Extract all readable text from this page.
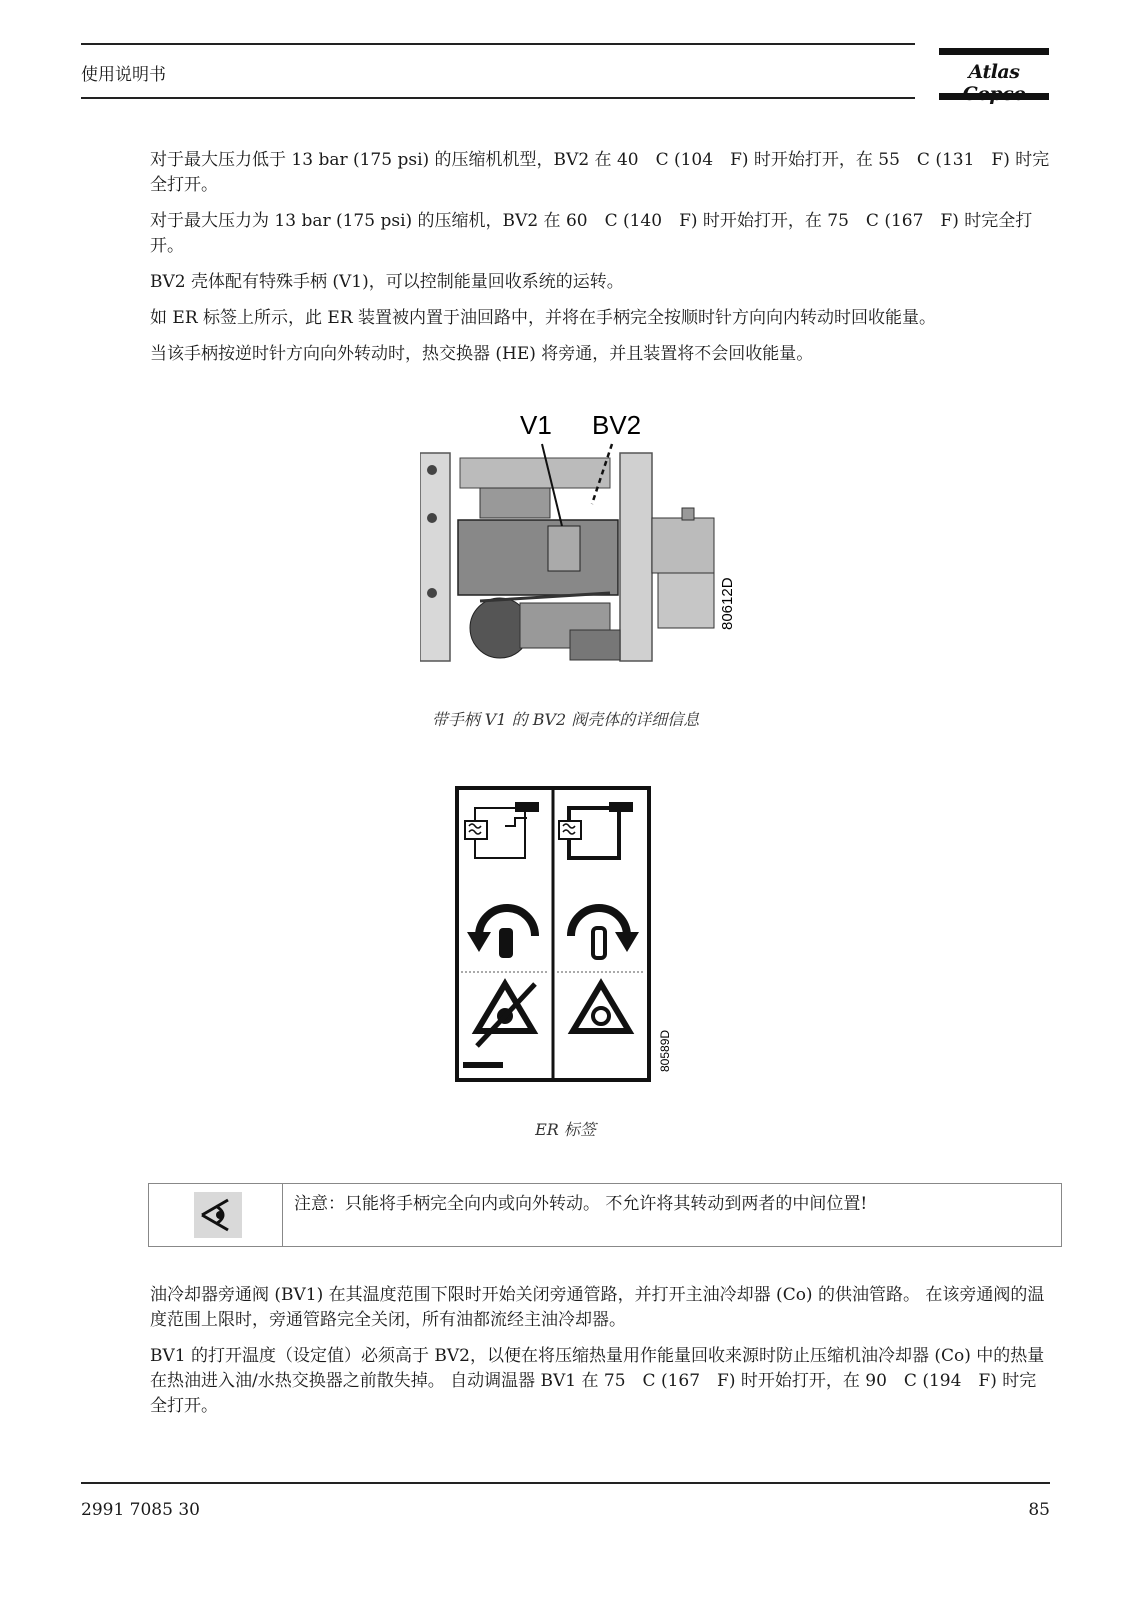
使用说明书	Atlas

对于最大压力低于 13 bar (175 psi) 的压缩机机型，BV2 在 40　C (104　F) 时开始打开，在 55　C (131　F) 时完全打开。

对于最大压力为 13 bar (175 psi) 的压缩机，BV2 在 60　C (140　F) 时开始打开，在 75　C (167　F) 时完全打开。

BV2 壳体配有特殊手柄 (V1)，可以控制能量回收系统的运转。

如 ER 标签上所示，此 ER 装置被内置于油回路中，并将在手柄完全按顺时针方向向内转动时回收能量。

当该手柄按逆时针方向向外转动时，热交换器 (HE) 将旁通，并且装置将不会回收能量。

V1 BV2
80612D
带手柄 V1 的 BV2 阀壳体的详细信息
80589D
ER 标签
注意：只能将手柄完全向内或向外转动。 不允许将其转动到两者的中间位置!

油冷却器旁通阀 (BV1) 在其温度范围下限时开始关闭旁通管路，并打开主油冷却器 (Co) 的供油管路。 在该旁通阀的温度范围上限时，旁通管路完全关闭，所有油都流经主油冷却器。

BV1 的打开温度（设定值）必须高于 BV2，以便在将压缩热量用作能量回收来源时防止压缩机油冷却器 (Co) 中的热量在热油进入油/水热交换器之前散失掉。 自动调温器 BV1 在 75　C (167　F) 时开始打开，在 90　C (194　F) 时完全打开。

2991 7085 30	85
